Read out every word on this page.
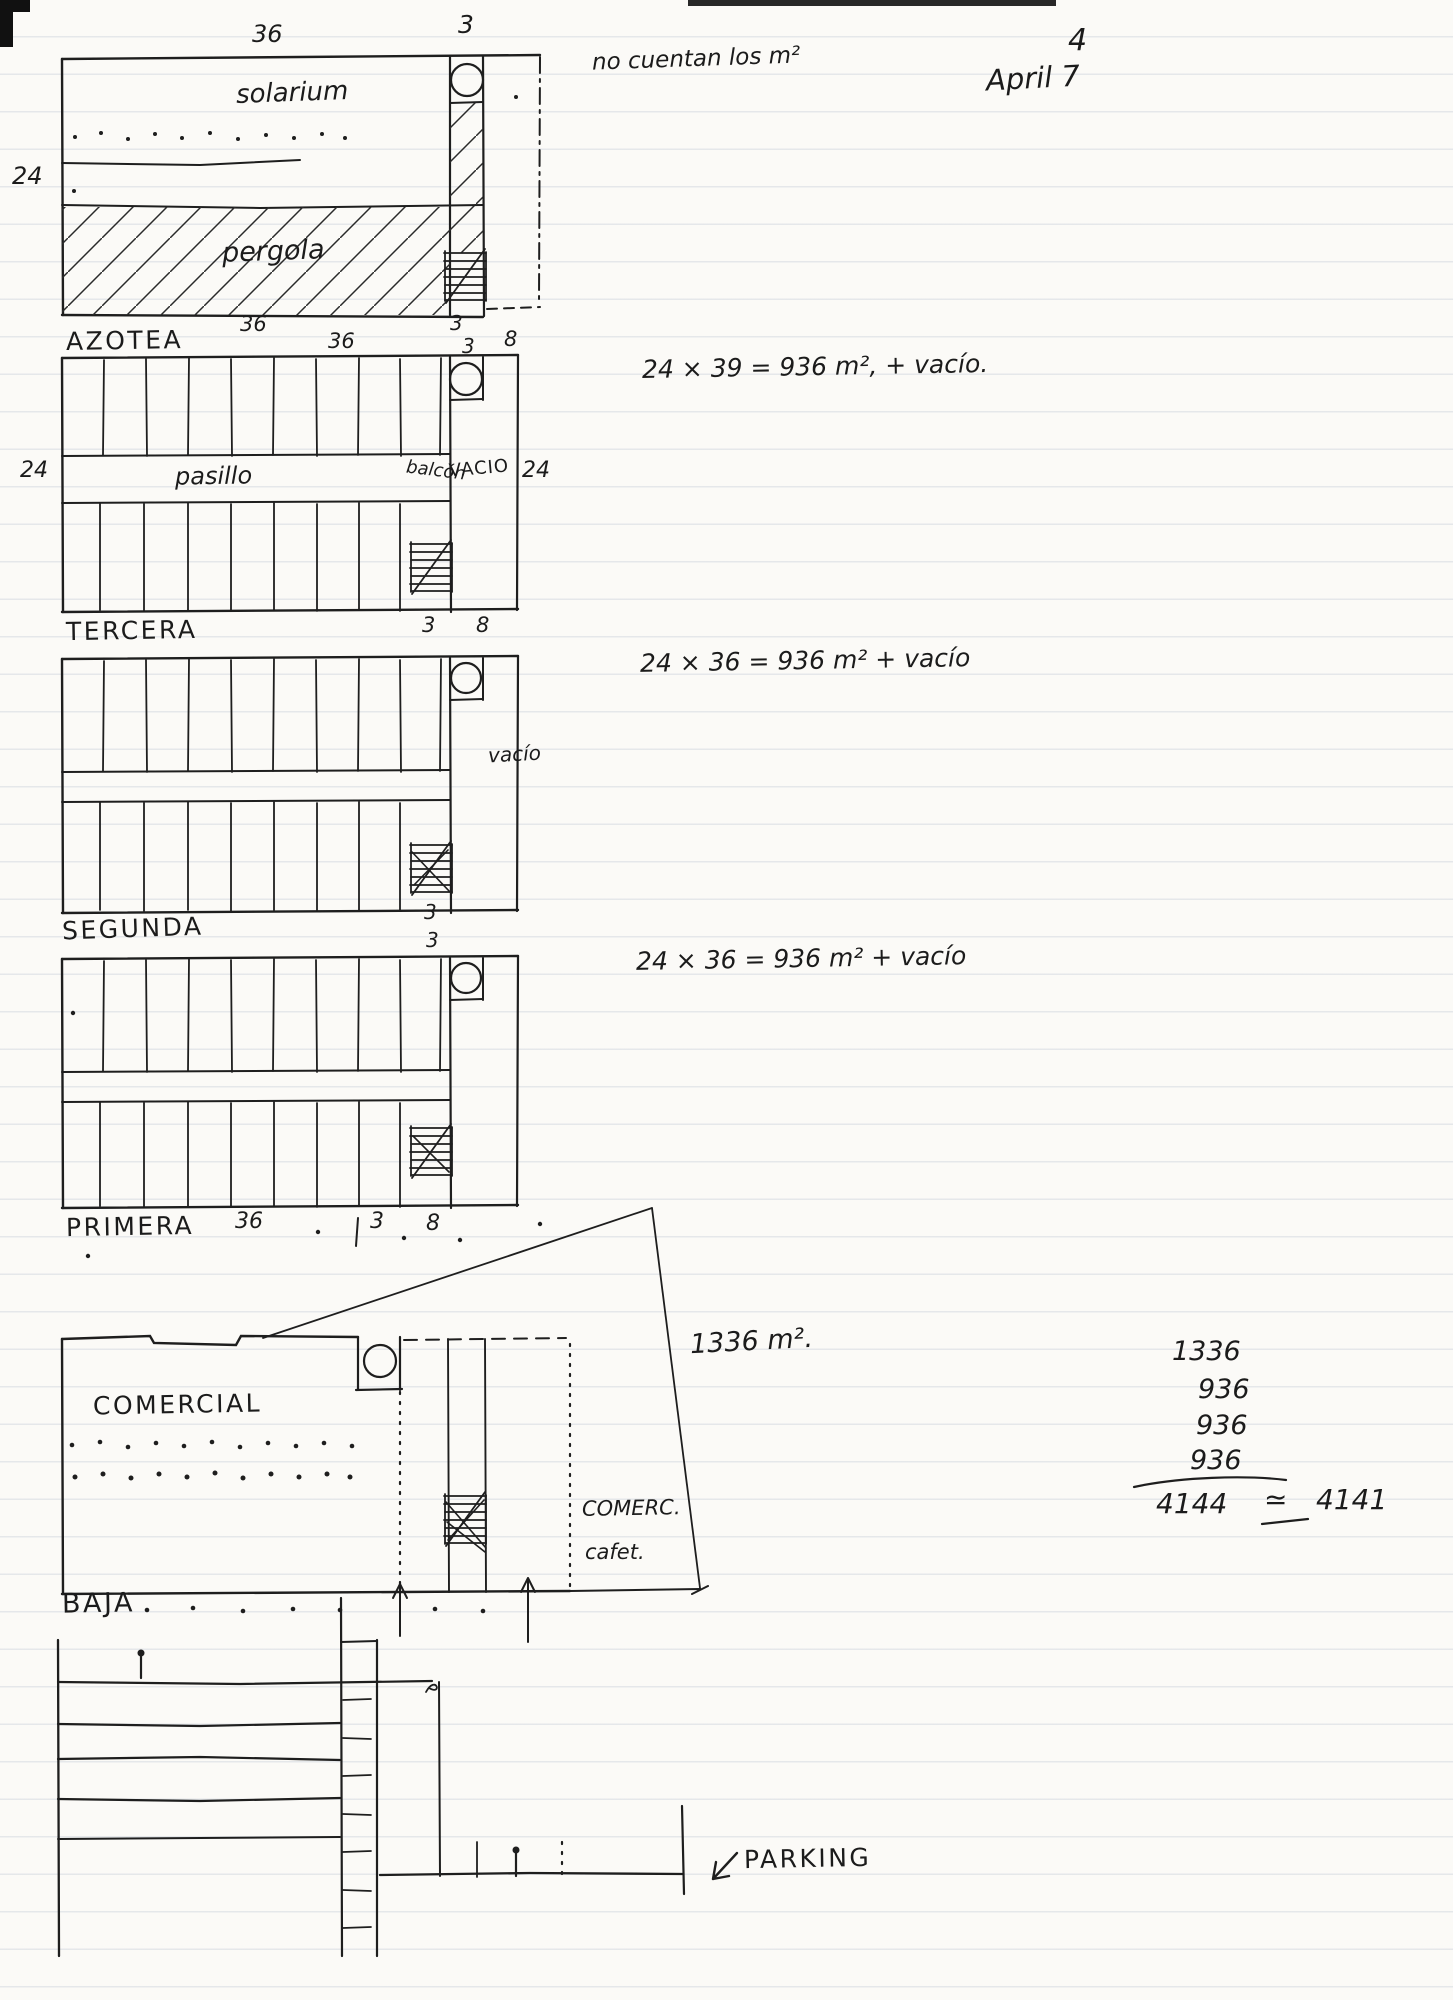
no cuentan los m²
4
April 7
36	3
24
solarium
pergola
AZOTEA
36
36
3
3 8
24 × 39 = 936 m², + vacío.
24	pasillo	balcón
VACIO 24
TERCERA	3 8
24 × 36 = 936 m² + vacío
vacío
SEGUNDA	3
3
24 × 36 = 936 m² + vacío
PRIMERA 36	3 8
1336 m².
COMERCIAL
COMERC.
cafet.
BAJA
PARKING
1336
936
936
936
4144 ≃ 4141
